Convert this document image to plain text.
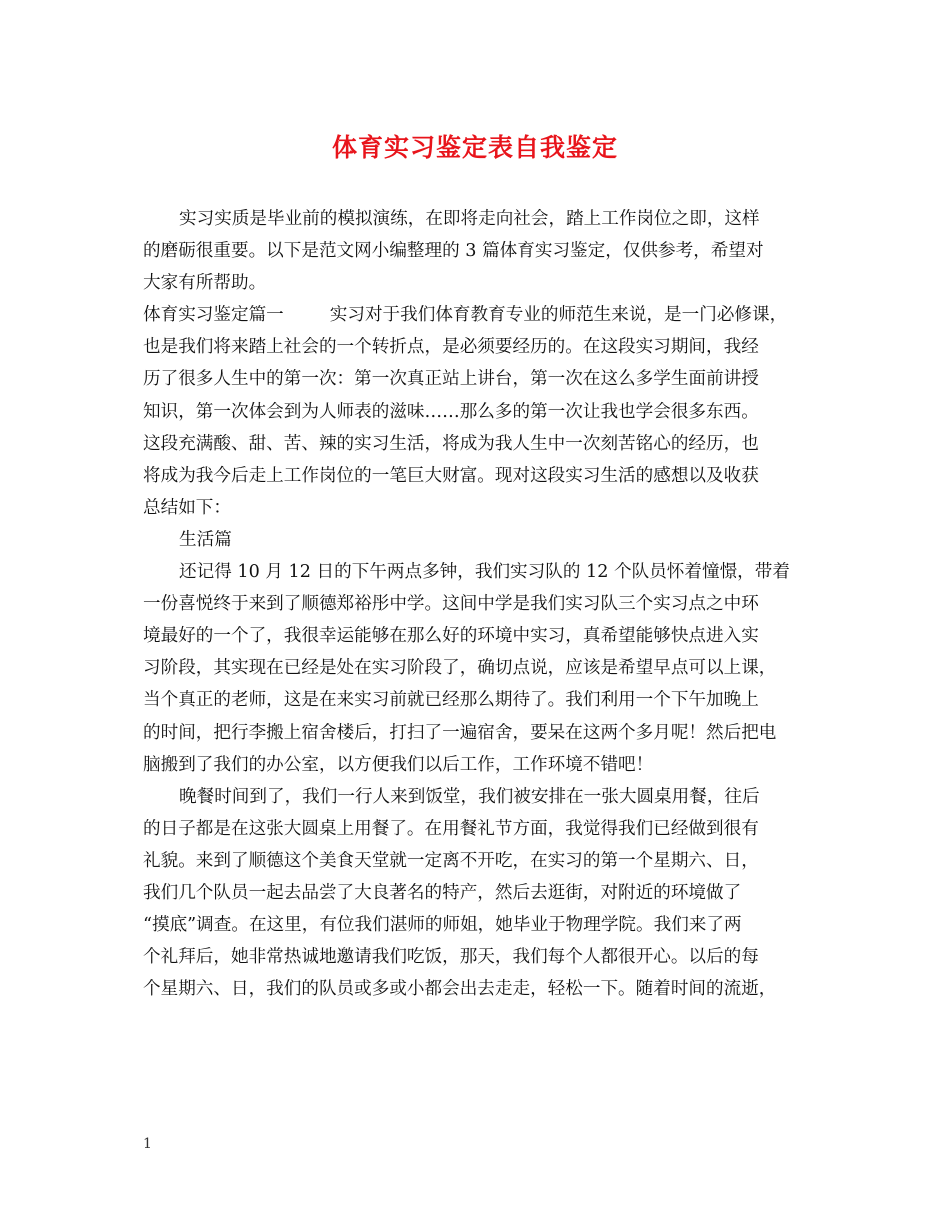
体育实习鉴定表自我鉴定
实习实质是毕业前的模拟演练，在即将走向社会，踏上工作岗位之即，这样
的磨砺很重要。以下是范文网小编整理的 3 篇体育实习鉴定，仅供参考，希望对
大家有所帮助。
体育实习鉴定篇一	实习对于我们体育教育专业的师范生来说，是一门必修课，
也是我们将来踏上社会的一个转折点，是必须要经历的。在这段实习期间，我经
历了很多人生中的第一次：第一次真正站上讲台，第一次在这么多学生面前讲授
知识，第一次体会到为人师表的滋味……那么多的第一次让我也学会很多东西。
这段充满酸、甜、苦、辣的实习生活，将成为我人生中一次刻苦铭心的经历，也
将成为我今后走上工作岗位的一笔巨大财富。现对这段实习生活的感想以及收获
总结如下：
生活篇
还记得 10 月 12 日的下午两点多钟，我们实习队的 12 个队员怀着憧憬，带着
一份喜悦终于来到了顺德郑裕彤中学。这间中学是我们实习队三个实习点之中环
境最好的一个了，我很幸运能够在那么好的环境中实习，真希望能够快点进入实
习阶段，其实现在已经是处在实习阶段了，确切点说，应该是希望早点可以上课，
当个真正的老师，这是在来实习前就已经那么期待了。我们利用一个下午加晚上
的时间，把行李搬上宿舍楼后，打扫了一遍宿舍，要呆在这两个多月呢！然后把电
脑搬到了我们的办公室，以方便我们以后工作，工作环境不错吧！
晚餐时间到了，我们一行人来到饭堂，我们被安排在一张大圆桌用餐，往后
的日子都是在这张大圆桌上用餐了。在用餐礼节方面，我觉得我们已经做到很有
礼貌。来到了顺德这个美食天堂就一定离不开吃，在实习的第一个星期六、日，
我们几个队员一起去品尝了大良著名的特产，然后去逛街，对附近的环境做了
“摸底”调查。在这里，有位我们湛师的师姐，她毕业于物理学院。我们来了两
个礼拜后，她非常热诚地邀请我们吃饭，那天，我们每个人都很开心。以后的每
个星期六、日，我们的队员或多或小都会出去走走，轻松一下。随着时间的流逝，
1
